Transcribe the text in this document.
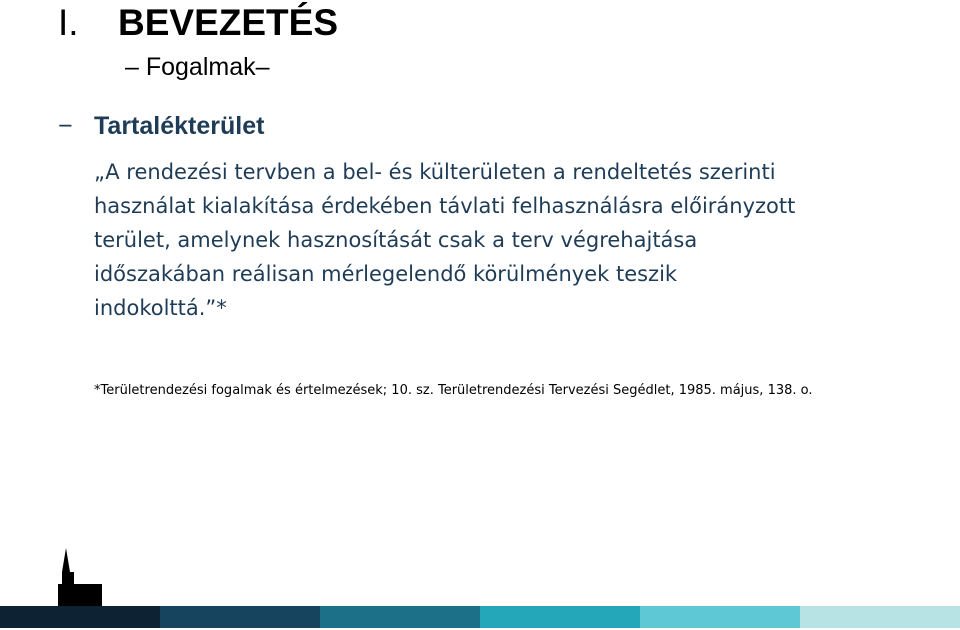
I. BEVEZETÉS
– Fogalmak–
− Tartalékterület
„A rendezési tervben a bel- és külterületen a rendeltetés szerinti
használat kialakítása érdekében távlati felhasználásra előirányzott
terület, amelynek hasznosítását csak a terv végrehajtása
időszakában reálisan mérlegelendő körülmények teszik
indokolttá.”*
*Területrendezési fogalmak és értelmezések; 10. sz. Területrendezési Tervezési Segédlet, 1985. május, 138. o.
